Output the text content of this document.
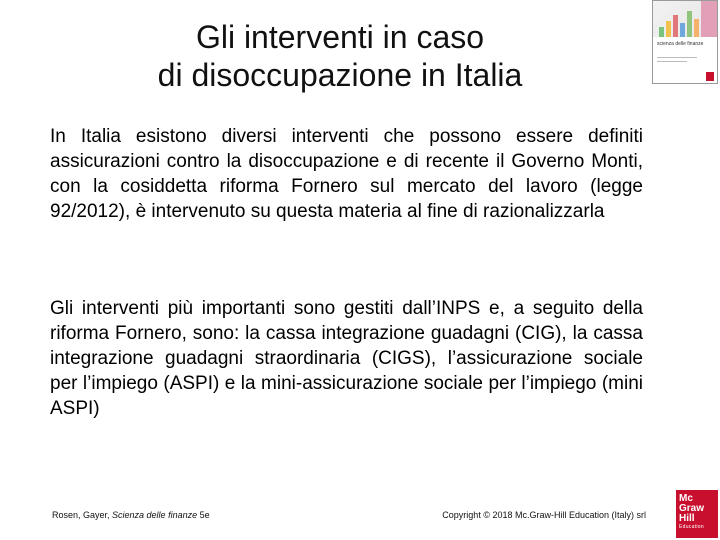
Gli interventi in caso
di disoccupazione in Italia
scienza delle finanze
In Italia esistono diversi interventi che possono essere definiti assicurazioni contro la disoccupazione e di recente il Governo Monti, con la cosiddetta riforma Fornero sul mercato del lavoro (legge 92/2012), è intervenuto su questa materia al fine di razionalizzarla
Gli interventi più importanti sono gestiti dall’INPS e, a seguito della riforma Fornero, sono: la cassa integrazione guadagni (CIG), la cassa integrazione guadagni straordinaria (CIGS), l’assicurazione sociale per l’impiego (ASPI) e la mini-assicurazione sociale per l’impiego (mini ASPI)
Rosen, Gayer, Scienza delle finanze 5e	Copyright © 2018 Mc.Graw-Hill Education (Italy) srl
Mc
Graw
Hill
Education
